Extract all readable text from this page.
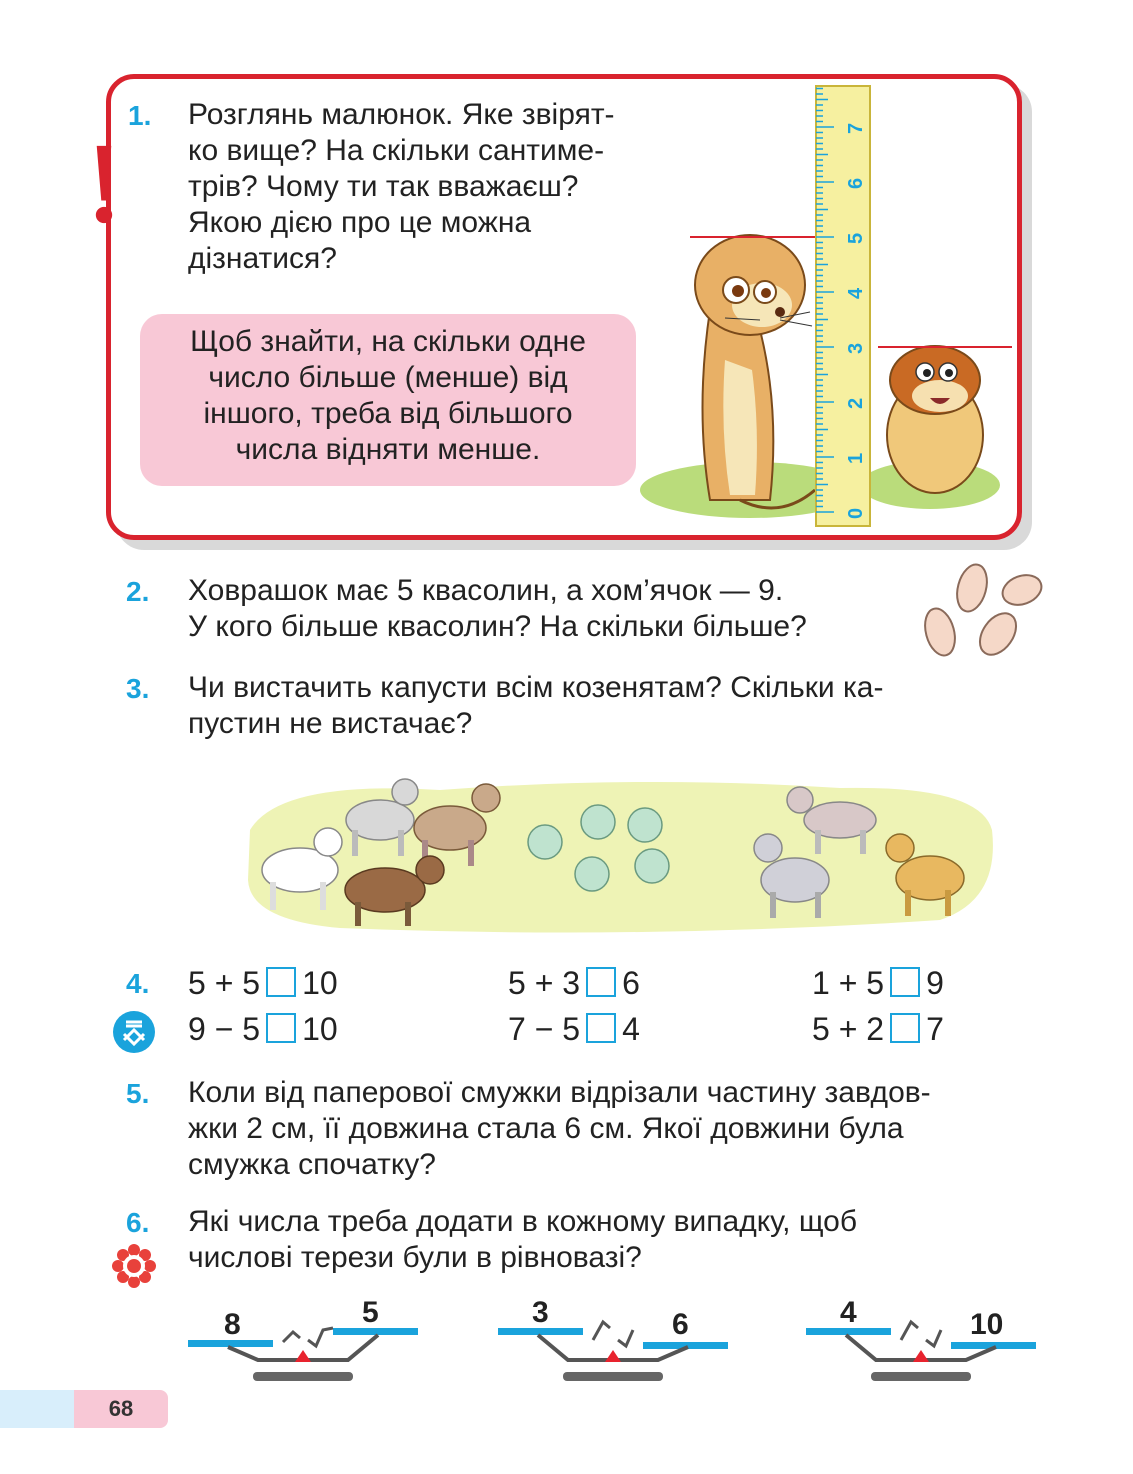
1. Розглянь малюнок. Яке звірят-
ко вище? На скільки сантиме-
трів? Чому ти так вважаєш?
Якою дією про це можна
дізнатися?
Щоб знайти, на скільки одне
число більше (менше) від
іншого, треба від більшого
числа відняти менше.
0
1
2
3
4
5
6
7
2. Ховрашок має 5 квасолин, а хом’ячок — 9.
У кого більше квасолин? На скільки більше?
3. Чи вистачить капусти всім козенятам? Скільки ка-
пустин не вистачає?
4. 5 + 5 10	5 + 3 6	1 + 5 9
9 − 5 10	7 − 5 4	5 + 2 7
5. Коли від паперової смужки відрізали частину завдов-
жки 2 см, її довжина стала 6 см. Якої довжини була
смужка спочатку?
6. Які числа треба додати в кожному випадку, щоб
числові терези були в рівновазі?
8	5	3	6	4	10
68
